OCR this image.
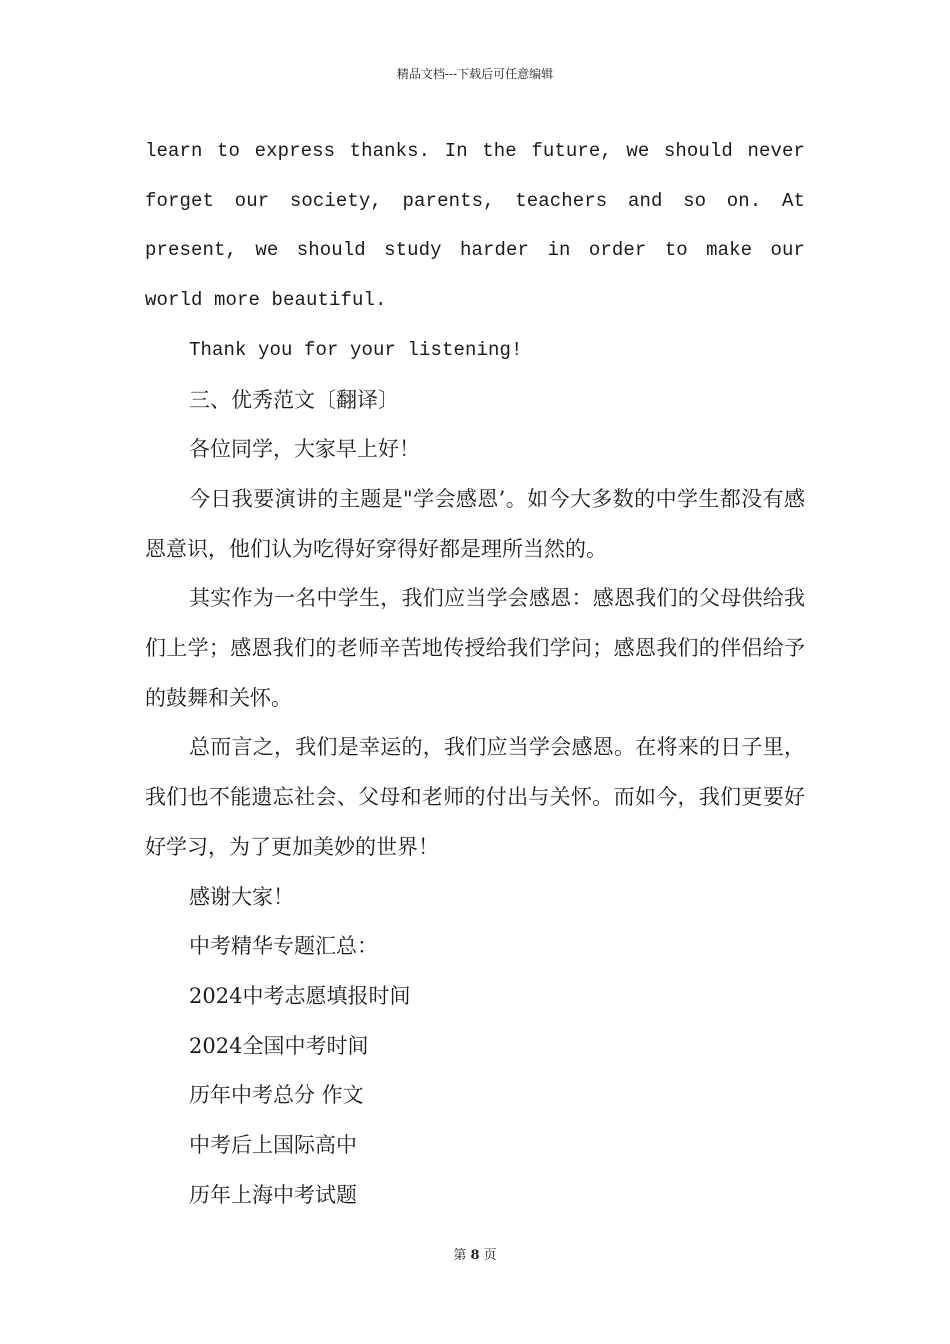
精品文档---下载后可任意编辑

learn to express thanks. In the future, we should never forget our society, parents, teachers and so on. At present, we should study harder in order to make our world more beautiful.

Thank you for your listening!

三、优秀范文〔翻译〕

各位同学，大家早上好！

今日我要演讲的主题是"学会感恩’。如今大多数的中学生都没有感恩意识，他们认为吃得好穿得好都是理所当然的。

其实作为一名中学生，我们应当学会感恩：感恩我们的父母供给我们上学；感恩我们的老师辛苦地传授给我们学问；感恩我们的伴侣给予的鼓舞和关怀。

总而言之，我们是幸运的，我们应当学会感恩。在将来的日子里，我们也不能遗忘社会、父母和老师的付出与关怀。而如今，我们更要好好学习，为了更加美妙的世界！

感谢大家！

中考精华专题汇总：

2024中考志愿填报时间

2024全国中考时间

历年中考总分 作文

中考后上国际高中

历年上海中考试题

第 8 页
